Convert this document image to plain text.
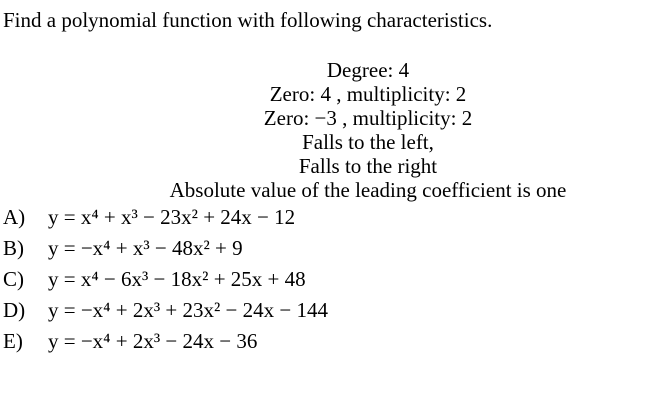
Find a polynomial function with following characteristics.
Degree: 4
Zero: 4 , multiplicity: 2
Zero: −3 , multiplicity: 2
Falls to the left,
Falls to the right
Absolute value of the leading coefficient is one
A) y = x⁴ + x³ − 23x² + 24x − 12
B) y = −x⁴ + x³ − 48x² + 9
C) y = x⁴ − 6x³ − 18x² + 25x + 48
D) y = −x⁴ + 2x³ + 23x² − 24x − 144
E) y = −x⁴ + 2x³ − 24x − 36
